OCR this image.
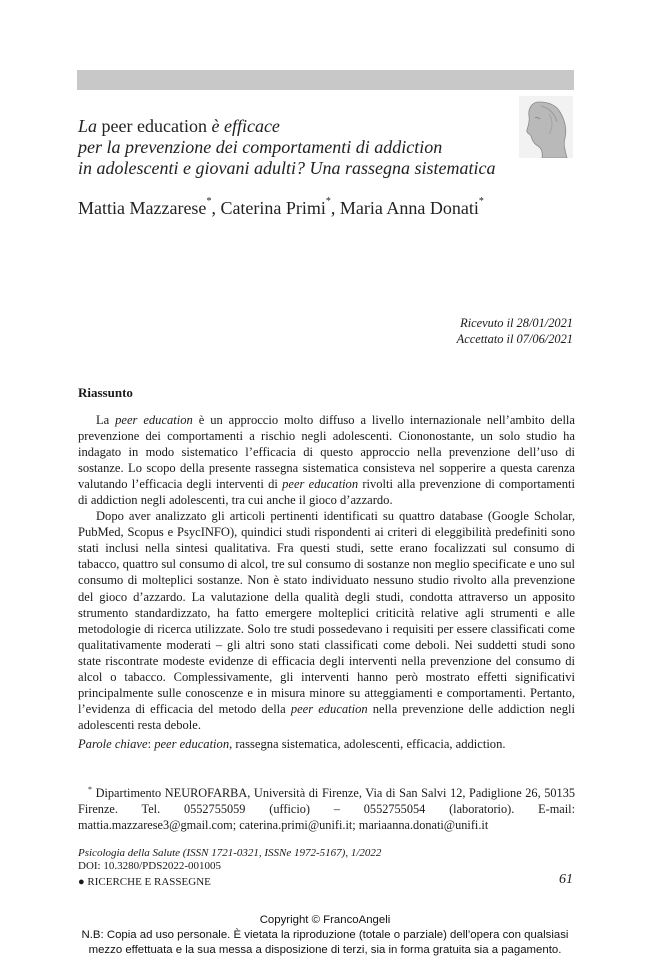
La peer education è efficace
per la prevenzione dei comportamenti di addiction
in adolescenti e giovani adulti? Una rassegna sistematica
Mattia Mazzarese*, Caterina Primi*, Maria Anna Donati*
Ricevuto il 28/01/2021
Accettato il 07/06/2021
Riassunto

La peer education è un approccio molto diffuso a livello internazionale nell’ambito della prevenzione dei comportamenti a rischio negli adolescenti. Ciononostante, un solo studio ha indagato in modo sistematico l’efficacia di questo approccio nella prevenzione dell’uso di sostanze. Lo scopo della presente rassegna sistematica consisteva nel sopperire a questa carenza valutando l’efficacia degli interventi di peer education rivolti alla prevenzione di comportamenti di addiction negli adolescenti, tra cui anche il gioco d’azzardo.

Dopo aver analizzato gli articoli pertinenti identificati su quattro database (Google Scholar, PubMed, Scopus e PsycINFO), quindici studi rispondenti ai criteri di eleggibilità predefiniti sono stati inclusi nella sintesi qualitativa. Fra questi studi, sette erano focalizzati sul consumo di tabacco, quattro sul consumo di alcol, tre sul consumo di sostanze non meglio specificate e uno sul consumo di molteplici sostanze. Non è stato individuato nessuno studio rivolto alla prevenzione del gioco d’azzardo. La valutazione della qualità degli studi, condotta attraverso un apposito strumento standardizzato, ha fatto emergere molteplici criticità relative agli strumenti e alle metodologie di ricerca utilizzate. Solo tre studi possedevano i requisiti per essere classificati come qualitativamente moderati – gli altri sono stati classificati come deboli. Nei suddetti studi sono state riscontrate modeste evidenze di efficacia degli interventi nella prevenzione del consumo di alcol o tabacco. Complessivamente, gli interventi hanno però mostrato effetti significativi principalmente sulle conoscenze e in misura minore su atteggiamenti e comportamenti. Pertanto, l’evidenza di efficacia del metodo della peer education nella prevenzione delle addiction negli adolescenti resta debole.

Parole chiave: peer education, rassegna sistematica, adolescenti, efficacia, addiction.

* Dipartimento NEUROFARBA, Università di Firenze, Via di San Salvi 12, Padiglione 26, 50135 Firenze. Tel. 0552755059 (ufficio) – 0552755054 (laboratorio). E-mail: mattia.mazzarese3@gmail.com; caterina.primi@unifi.it; mariaanna.donati@unifi.it

Psicologia della Salute (ISSN 1721-0321, ISSNe 1972-5167), 1/2022
DOI: 10.3280/PDS2022-001005
● RICERCHE E RASSEGNE	61
Copyright © FrancoAngeli
N.B: Copia ad uso personale. È vietata la riproduzione (totale o parziale) dell’opera con qualsiasi
mezzo effettuata e la sua messa a disposizione di terzi, sia in forma gratuita sia a pagamento.
